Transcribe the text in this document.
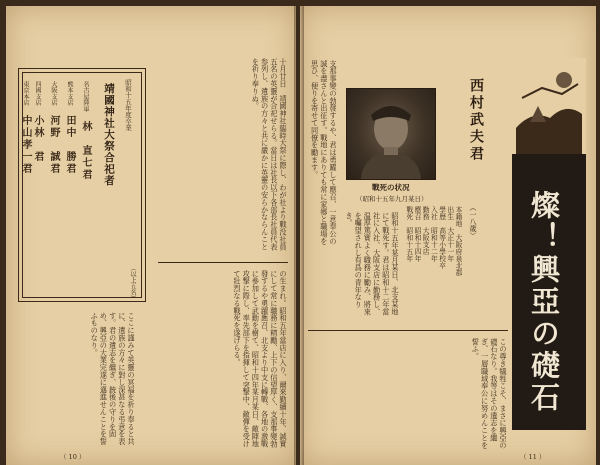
昭和十五年度卒業
靖國神社大祭合祀者
名古屋陸軍 林　直七君
熊本支店 田中　勝君
大阪支店 河野　誠君
四國支店 小林　君
東京本店 中山孝一君
（以上五名）

ここに謹みて英靈の冥福を祈り奉ると共に、遺族の方々に對し深甚なる弔意を表す。君の遺志を繼ぎ、銃後の守りを固め、興亞の大業完遂に邁進せんことを誓ふものなり。

十月廿日　靖國神社臨時大祭に際し、わが社より戰没社員五名の英靈が合祀せらる。當日は社長以下各部長社員代表参列し、遺族の方々と共に嚴かに英靈の安らかならんことを祈り奉りぬ。

の生まれ。昭和五年當店に入り、爾來勤續十年、誠實にして常に職務に精勵、上下の信望厚く、支那事變勃發するや勇躍應召、北支より中支に轉戰、各地の激戰に參加して武勳を樹て、昭和十四年某月某日、敵陣地攻撃に際し、率先部下を指揮して突撃中、敵彈を受けて壯烈なる戰死を遂げらる。

（ 10 ）

支那事變の勃發するや、君は勇躍して應召、一意奉公の誠を盡さんと出征す。戰地にありても常に家郷と職場を思ひ、便りを寄せて同僚を勵ます。

戰死の状况
（昭和十五年九月某日）

昭和十五年某月某日、北支某地にて戰死す。君は昭和十二年當社に入社、大阪支店に勤務し、温厚篤實よく職務に勵み、將來を囑望されし有爲の青年なりき。	本籍地　大阪府泉北郡

出生　大正十一年

學歴　高等小學校卒

入社　昭和十二年

勤務　大阪支店

應召　昭和十四年

戰死　昭和十五年

西村武夫君
（一八歳）

この尊き犠牲こそ、まさに興亞の礎石なり。我等はその遺志を繼ぎ、一層職域奉公に努めんことを誓ふ。	燦！興亞の礎石
（ 11 ）
